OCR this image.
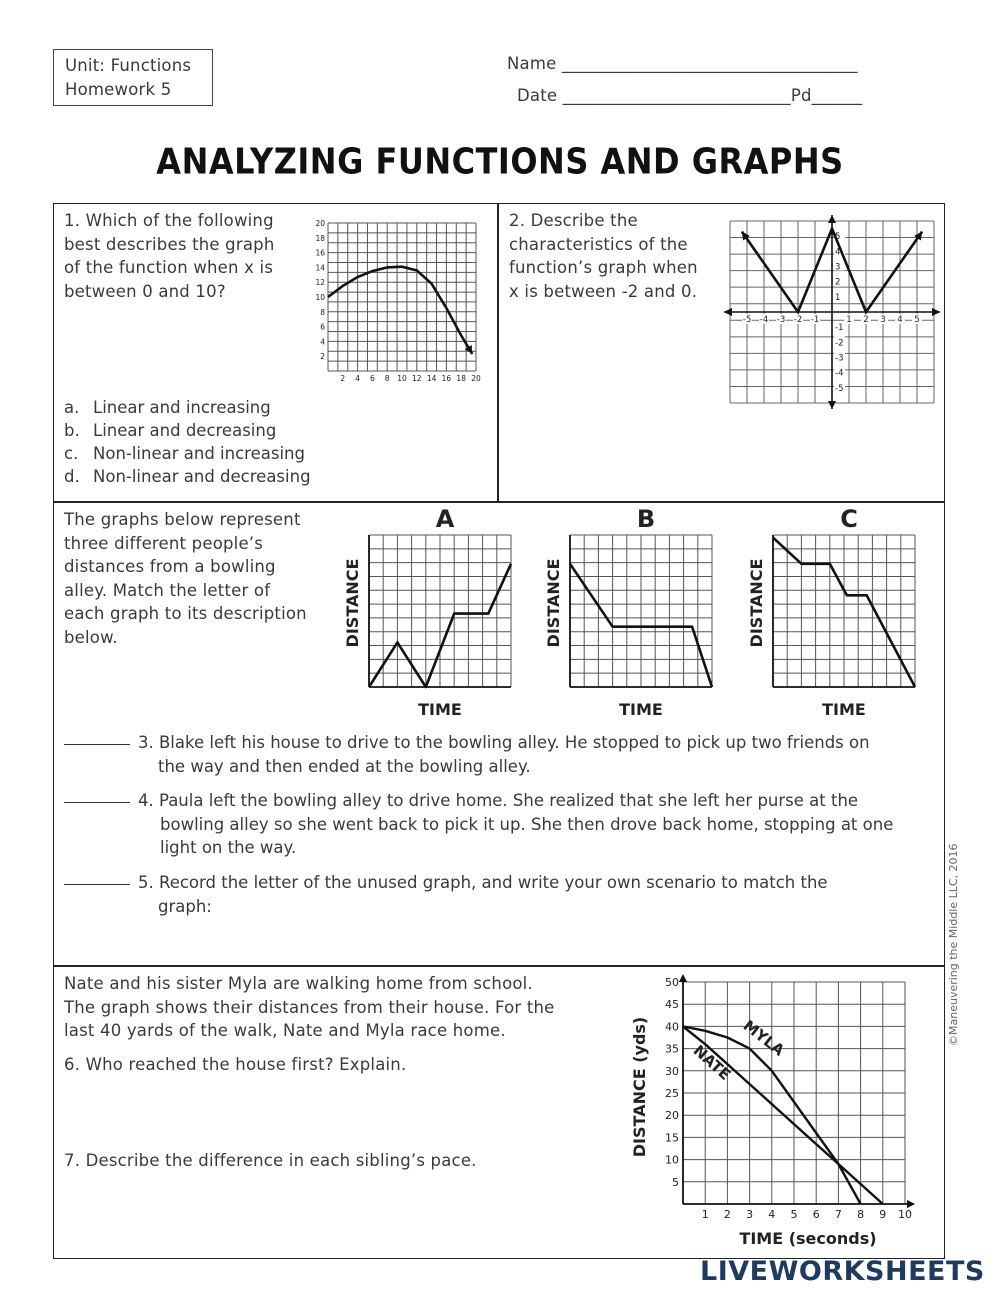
Unit: Functions
Homework 5
Name ___________________________________
Date ___________________________Pd______
ANALYZING FUNCTIONS AND GRAPHS
1. Which of the following
best describes the graph
of the function when x is
between 0 and 10?
a. Linear and increasing
b. Linear and decreasing
c. Non-linear and increasing
d. Non-linear and decreasing
2 4 6 8 10 12 14 16 18 20
2
4
6
8
10
12
14
16
18
20	2. Describe the
characteristics of the
function’s graph when
x is between -2 and 0.
-5 -4 -3 -2 -1	1 2 3 4 5
5
4
3
2
1
-1
-2
-3
-4
-5
The graphs below represent
three different people’s
distances from a bowling
alley. Match the letter of
each graph to its description
below.
A
TIME
DISTANCE
B
TIME
DISTANCE
C
TIME
DISTANCE
3. Blake left his house to drive to the bowling alley. He stopped to pick up two friends on
the way and then ended at the bowling alley.
4. Paula left the bowling alley to drive home. She realized that she left her purse at the
bowling alley so she went back to pick it up. She then drove back home, stopping at one
light on the way.
5. Record the letter of the unused graph, and write your own scenario to match the
graph:
Nate and his sister Myla are walking home from school.
The graph shows their distances from their house. For the
last 40 yards of the walk, Nate and Myla race home.
6. Who reached the house first? Explain.
7. Describe the difference in each sibling’s pace.
1 2 3 4 5 6 7 8 9 10
5
10
15
20
25
30
35
40
45
50
TIME (seconds)
DISTANCE (yds)	NATE
MYLA	©Maneuvering the Middle LLC, 2016
LIVEWORKSHEETS
